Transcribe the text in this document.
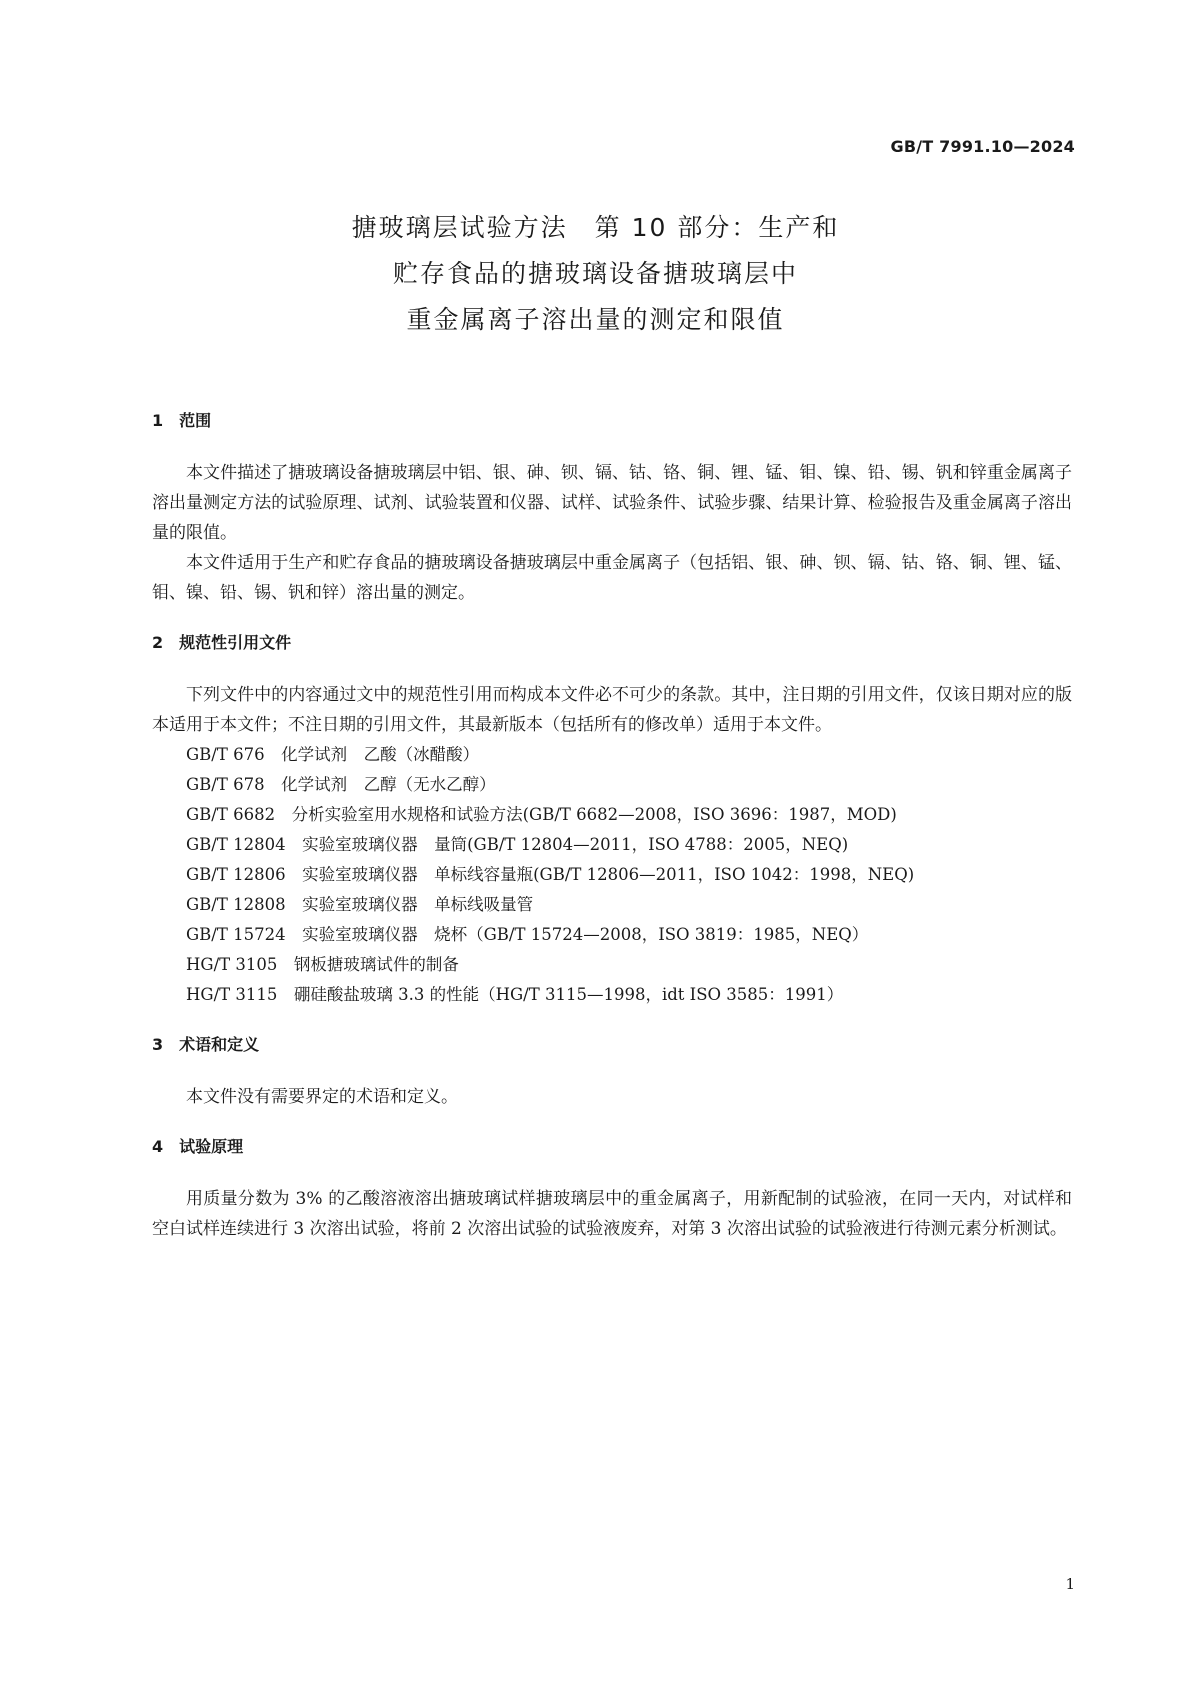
GB/T 7991.10—2024
搪玻璃层试验方法　第 10 部分：生产和
贮存食品的搪玻璃设备搪玻璃层中
重金属离子溶出量的测定和限值
1　范围

本文件描述了搪玻璃设备搪玻璃层中铝、银、砷、钡、镉、钴、铬、铜、锂、锰、钼、镍、铅、锡、钒和锌重金属离子溶出量测定方法的试验原理、试剂、试验装置和仪器、试样、试验条件、试验步骤、结果计算、检验报告及重金属离子溶出量的限值。

本文件适用于生产和贮存食品的搪玻璃设备搪玻璃层中重金属离子（包括铝、银、砷、钡、镉、钴、铬、铜、锂、锰、钼、镍、铅、锡、钒和锌）溶出量的测定。

2　规范性引用文件

下列文件中的内容通过文中的规范性引用而构成本文件必不可少的条款。其中，注日期的引用文件，仅该日期对应的版本适用于本文件；不注日期的引用文件，其最新版本（包括所有的修改单）适用于本文件。

GB/T 676　化学试剂　乙酸（冰醋酸）
GB/T 678　化学试剂　乙醇（无水乙醇）
GB/T 6682　分析实验室用水规格和试验方法(GB/T 6682—2008，ISO 3696：1987，MOD)
GB/T 12804　实验室玻璃仪器　量筒(GB/T 12804—2011，ISO 4788：2005，NEQ)
GB/T 12806　实验室玻璃仪器　单标线容量瓶(GB/T 12806—2011，ISO 1042：1998，NEQ)
GB/T 12808　实验室玻璃仪器　单标线吸量管
GB/T 15724　实验室玻璃仪器　烧杯（GB/T 15724—2008，ISO 3819：1985，NEQ）
HG/T 3105　钢板搪玻璃试件的制备
HG/T 3115　硼硅酸盐玻璃 3.3 的性能（HG/T 3115—1998，idt ISO 3585：1991）
3　术语和定义

本文件没有需要界定的术语和定义。

4　试验原理

用质量分数为 3% 的乙酸溶液溶出搪玻璃试样搪玻璃层中的重金属离子，用新配制的试验液，在同一天内，对试样和空白试样连续进行 3 次溶出试验，将前 2 次溶出试验的试验液废弃，对第 3 次溶出试验的试验液进行待测元素分析测试。

1
